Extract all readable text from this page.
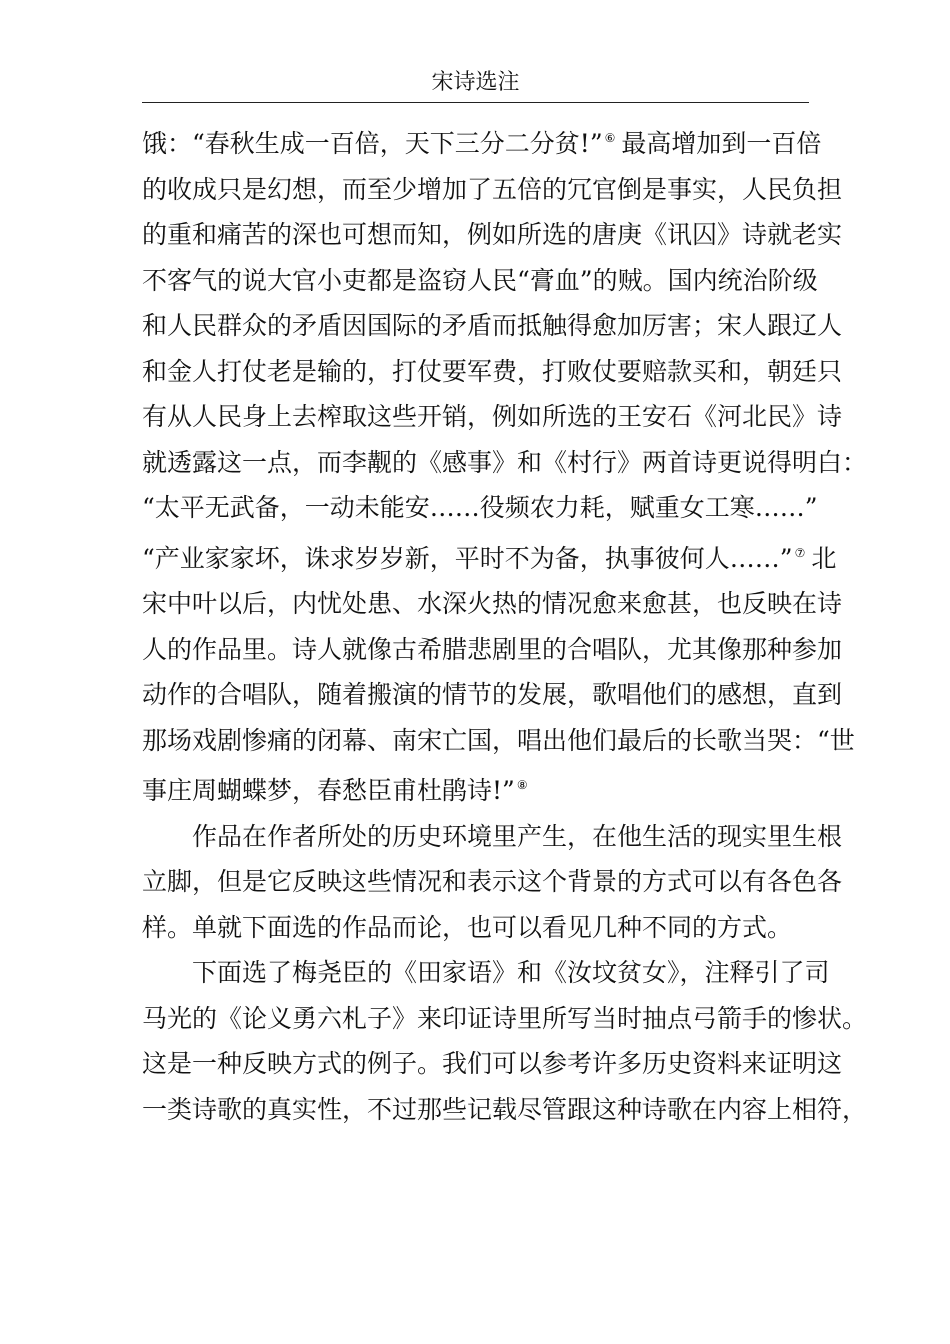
宋诗选注
饿：“春秋生成一百倍，天下三分二分贫!” ⑥ 最高增加到一百倍
的收成只是幻想，而至少增加了五倍的冗官倒是事实，人民负担
的重和痛苦的深也可想而知，例如所选的唐庚《讯囚》诗就老实
不客气的说大官小吏都是盗窃人民“膏血”的贼。国内统治阶级
和人民群众的矛盾因国际的矛盾而抵触得愈加厉害；宋人跟辽人
和金人打仗老是输的，打仗要军费，打败仗要赔款买和，朝廷只
有从人民身上去榨取这些开销，例如所选的王安石《河北民》诗
就透露这一点，而李觏的《感事》和《村行》两首诗更说得明白：
“太平无武备，一动未能安……役频农力耗，赋重女工寒……”
“产业家家坏，诛求岁岁新，平时不为备，执事彼何人……” ⑦ 北
宋中叶以后，内忧处患、水深火热的情况愈来愈甚，也反映在诗
人的作品里。诗人就像古希腊悲剧里的合唱队，尤其像那种参加
动作的合唱队，随着搬演的情节的发展，歌唱他们的感想，直到
那场戏剧惨痛的闭幕、南宋亡国，唱出他们最后的长歌当哭：“世
事庄周蝴蝶梦，春愁臣甫杜鹃诗!” ⑧
作品在作者所处的历史环境里产生，在他生活的现实里生根
立脚，但是它反映这些情况和表示这个背景的方式可以有各色各
样。单就下面选的作品而论，也可以看见几种不同的方式。
下面选了梅尧臣的《田家语》和《汝坟贫女》，注释引了司
马光的《论义勇六札子》来印证诗里所写当时抽点弓箭手的惨状。
这是一种反映方式的例子。我们可以参考许多历史资料来证明这
一类诗歌的真实性，不过那些记载尽管跟这种诗歌在内容上相符，
